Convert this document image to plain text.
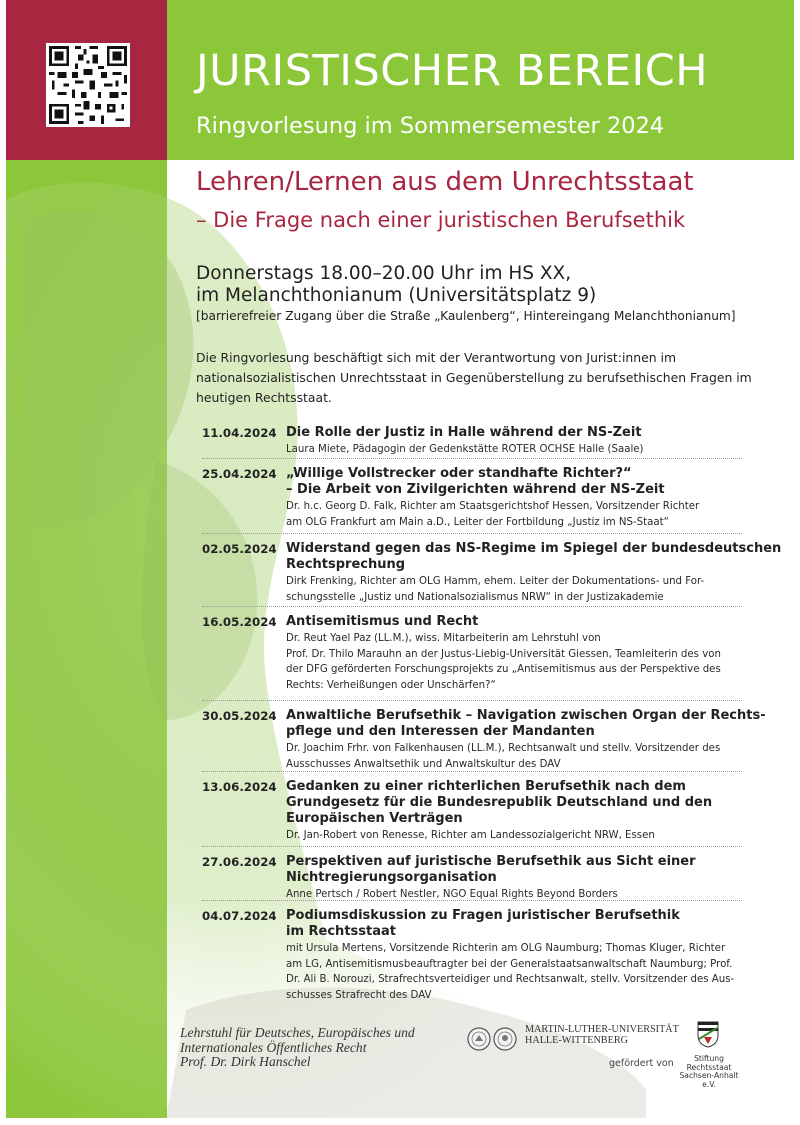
JURISTISCHER BEREICH
Ringvorlesung im Sommersemester 2024
Lehren/Lernen aus dem Unrechtsstaat
– Die Frage nach einer juristischen Berufsethik
Donnerstags 18.00–20.00 Uhr im HS XX,
im Melanchthonianum (Universitätsplatz 9)
[barrierefreier Zugang über die Straße „Kaulenberg“, Hintereingang Melanchthonianum]
Die Ringvorlesung beschäftigt sich mit der Verantwortung von Jurist:innen im nationalsozialistischen Unrechtsstaat in Gegenüberstellung zu berufsethischen Fragen im heutigen Rechtsstaat.
11.04.2024 Die Rolle der Justiz in Halle während der NS-Zeit
Laura Miete, Pädagogin der Gedenkstätte ROTER OCHSE Halle (Saale)
25.04.2024 „Willige Vollstrecker oder standhafte Richter?“
– Die Arbeit von Zivilgerichten während der NS-Zeit
Dr. h.c. Georg D. Falk, Richter am Staatsgerichtshof Hessen, Vorsitzender Richter
am OLG Frankfurt am Main a.D., Leiter der Fortbildung „Justiz im NS-Staat“
02.05.2024 Widerstand gegen das NS-Regime im Spiegel der bundesdeutschen
Rechtsprechung
Dirk Frenking, Richter am OLG Hamm, ehem. Leiter der Dokumentations- und For-
schungsstelle „Justiz und Nationalsozialismus NRW“ in der Justizakademie
16.05.2024 Antisemitismus und Recht
Dr. Reut Yael Paz (LL.M.), wiss. Mitarbeiterin am Lehrstuhl von
Prof. Dr. Thilo Marauhn an der Justus-Liebig-Universität Giessen, Teamleiterin des von
der DFG geförderten Forschungsprojekts zu „Antisemitismus aus der Perspektive des
Rechts: Verheißungen oder Unschärfen?“
30.05.2024 Anwaltliche Berufsethik – Navigation zwischen Organ der Rechts-
pflege und den Interessen der Mandanten
Dr. Joachim Frhr. von Falkenhausen (LL.M.), Rechtsanwalt und stellv. Vorsitzender des
Ausschusses Anwaltsethik und Anwaltskultur des DAV
13.06.2024 Gedanken zu einer richterlichen Berufsethik nach dem
Grundgesetz für die Bundesrepublik Deutschland und den
Europäischen Verträgen
Dr. Jan-Robert von Renesse, Richter am Landessozialgericht NRW, Essen
27.06.2024 Perspektiven auf juristische Berufsethik aus Sicht einer
Nichtregierungsorganisation
Anne Pertsch / Robert Nestler, NGO Equal Rights Beyond Borders
04.07.2024 Podiumsdiskussion zu Fragen juristischer Berufsethik
im Rechtsstaat
mit Ursula Mertens, Vorsitzende Richterin am OLG Naumburg; Thomas Kluger, Richter
am LG, Antisemitismusbeauftragter bei der Generalstaatsanwaltschaft Naumburg; Prof.
Dr. Ali B. Norouzi, Strafrechtsverteidiger und Rechtsanwalt, stellv. Vorsitzender des Aus-
schusses Strafrecht des DAV
Lehrstuhl für Deutsches, Europäisches und
Internationales Öffentliches Recht
Prof. Dr. Dirk Hanschel
MARTIN-LUTHER-UNIVERSITÄT
HALLE-WITTENBERG
gefördert von	Stiftung Rechtsstaat
Sachsen-Anhalt e.V.
